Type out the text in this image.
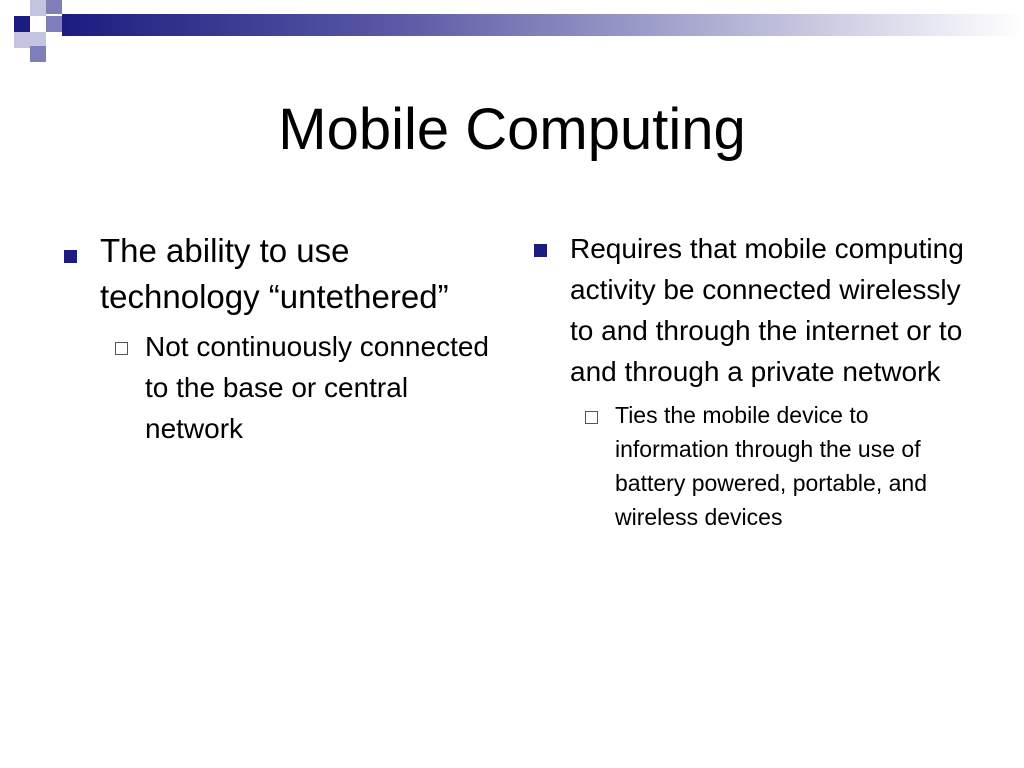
Mobile Computing
The ability to use technology “untethered”
Not continuously connected to the base or central network
Requires that mobile computing activity be connected wirelessly to and through the internet or to and through a private network
Ties the mobile device to information through the use of battery powered, portable, and wireless devices
